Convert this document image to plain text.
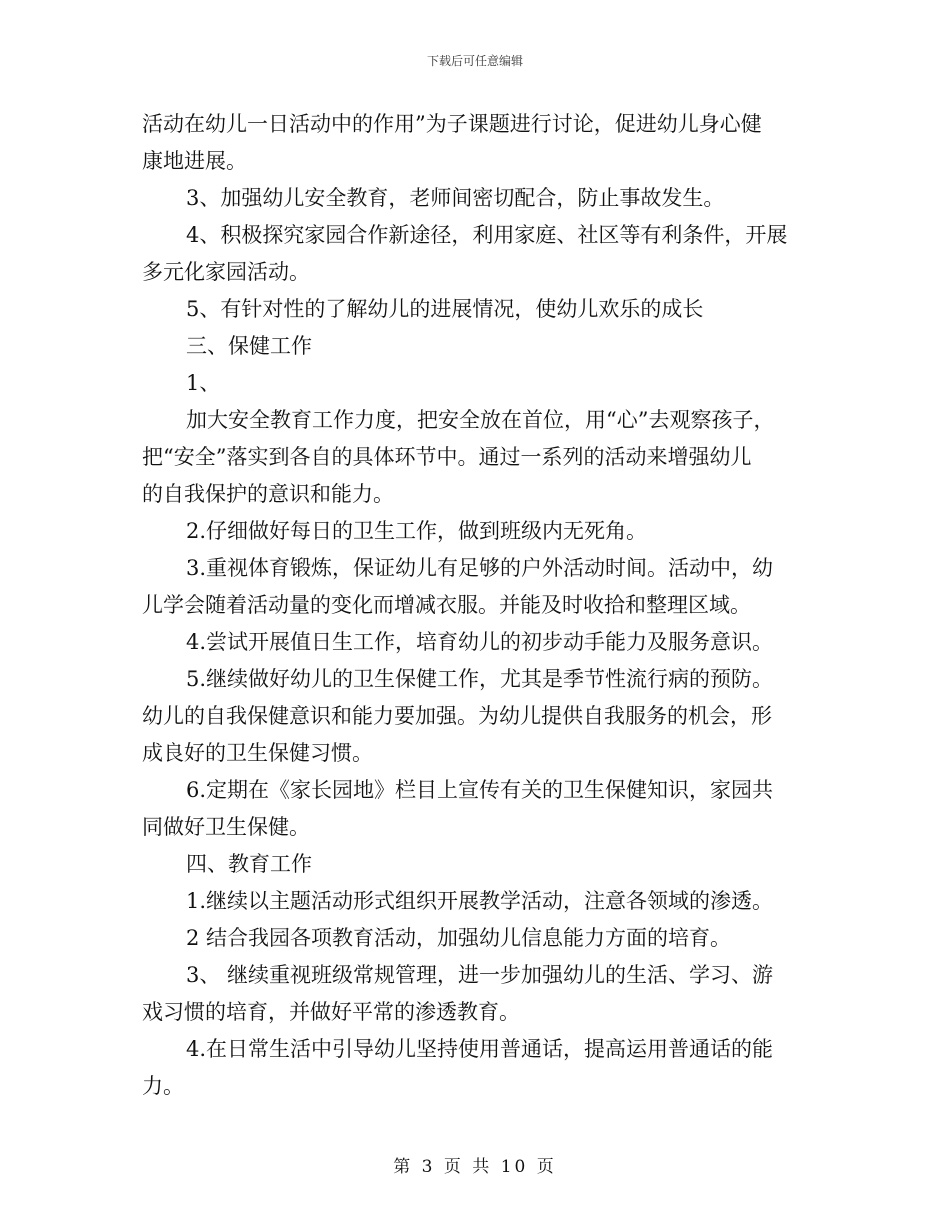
下载后可任意编辑
活动在幼儿一日活动中的作用”为子课题进行讨论，促进幼儿身心健
康地进展。
3、加强幼儿安全教育，老师间密切配合，防止事故发生。
4、积极探究家园合作新途径，利用家庭、社区等有利条件，开展
多元化家园活动。
5、有针对性的了解幼儿的进展情况，使幼儿欢乐的成长
三、保健工作
1、
加大安全教育工作力度，把安全放在首位，用“心”去观察孩子，
把“安全”落实到各自的具体环节中。通过一系列的活动来增强幼儿
的自我保护的意识和能力。
2.仔细做好每日的卫生工作，做到班级内无死角。
3.重视体育锻炼，保证幼儿有足够的户外活动时间。活动中，幼
儿学会随着活动量的变化而增减衣服。并能及时收拾和整理区域。
4.尝试开展值日生工作，培育幼儿的初步动手能力及服务意识。
5.继续做好幼儿的卫生保健工作，尤其是季节性流行病的预防。
幼儿的自我保健意识和能力要加强。为幼儿提供自我服务的机会，形
成良好的卫生保健习惯。
6.定期在《家长园地》栏目上宣传有关的卫生保健知识，家园共
同做好卫生保健。
四、教育工作
1.继续以主题活动形式组织开展教学活动，注意各领域的渗透。
2 结合我园各项教育活动，加强幼儿信息能力方面的培育。
3、 继续重视班级常规管理，进一步加强幼儿的生活、学习、游
戏习惯的培育，并做好平常的渗透教育。
4.在日常生活中引导幼儿坚持使用普通话，提高运用普通话的能
力。
第 3 页 共 10 页
